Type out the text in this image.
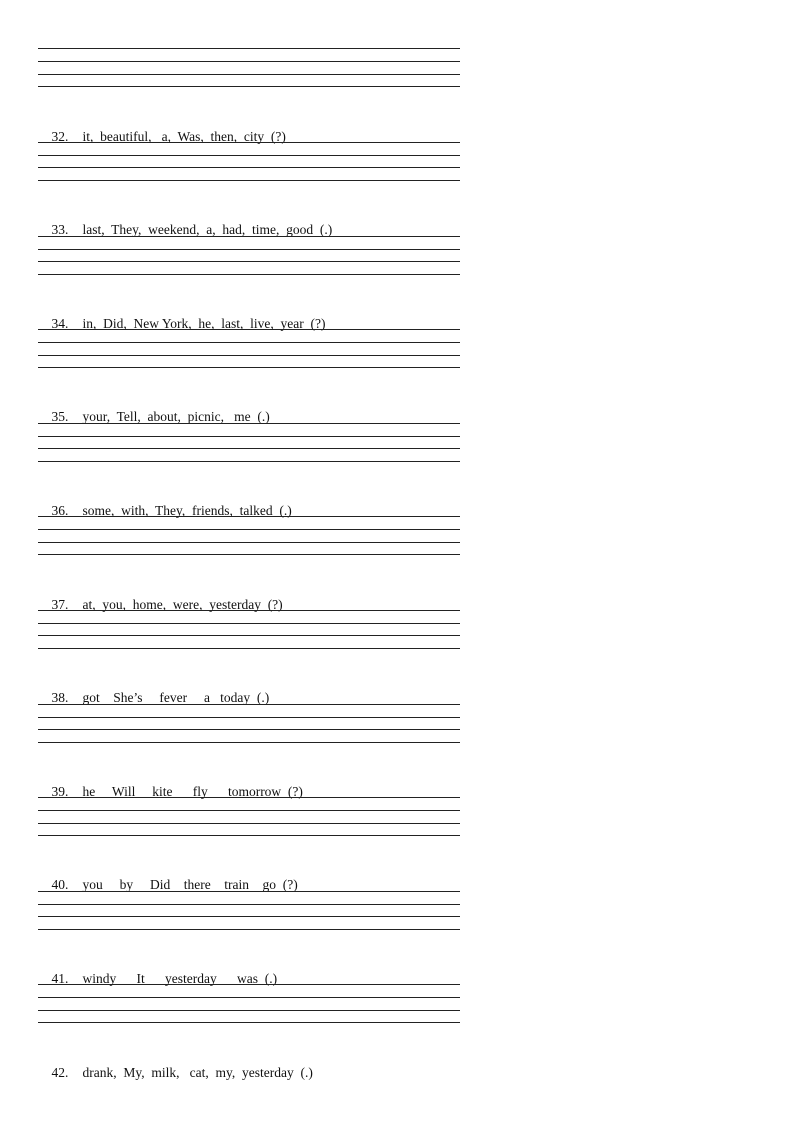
32. it,  beautiful,   a,  Was,  then,  city  (?)

33. last,  They,  weekend,  a,  had,  time,  good  (.)

34. in,  Did,  New York,  he,  last,  live,  year  (?)

35. your,  Tell,  about,  picnic,   me  (.)

36. some,  with,  They,  friends,  talked  (.)

37. at,  you,  home,  were,  yesterday  (?)

38. got    She’s     fever     a   today  (.)

39. he     Will     kite      fly      tomorrow  (?)

40. you     by     Did    there    train    go  (?)

41. windy      It      yesterday      was  (.)

42. drank,  My,  milk,   cat,  my,  yesterday  (.)
